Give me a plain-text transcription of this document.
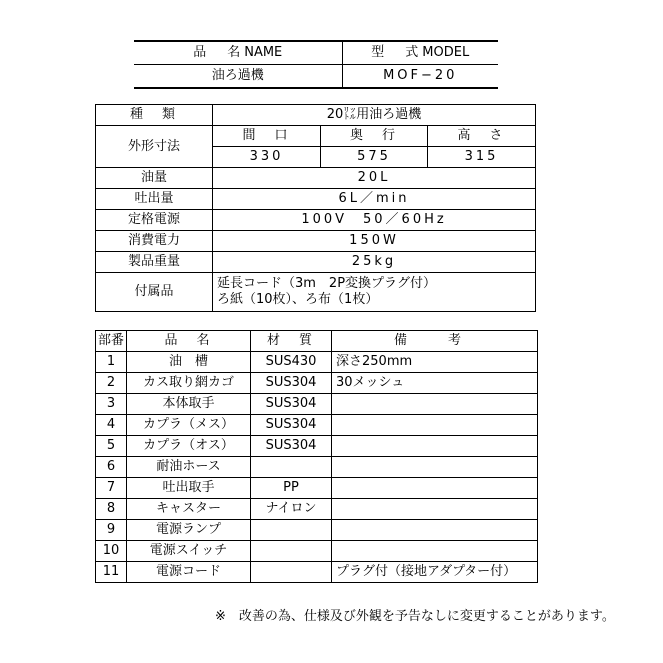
品　名NAME	型　式MODEL
油ろ過機	MOF−20
種　類	20㍑用油ろ過機		
外形寸法	間　口	奥　行	高　さ
	330	575	315
油量	20L		
吐出量	6L／min		
定格電源	100V　50／60Hz		
消費電力	150W		
製品重量	25kg		
付属品	延長コード（3m　2P変換プラグ付）
ろ紙（10枚）、ろ布（1枚）		
部番	品　名	材　質	備　考
1	油　槽	SUS430	深さ250mm
2	カス取り網カゴ	SUS304	30メッシュ
3	本体取手	SUS304	
4	カプラ（メス）	SUS304	
5	カプラ（オス）	SUS304	
6	耐油ホース		
7	吐出取手	PP	
8	キャスター	ナイロン	
9	電源ランプ		
10	電源スイッチ		
11	電源コード		プラグ付（接地アダプター付）
※　改善の為、仕様及び外観を予告なしに変更することがあります。
